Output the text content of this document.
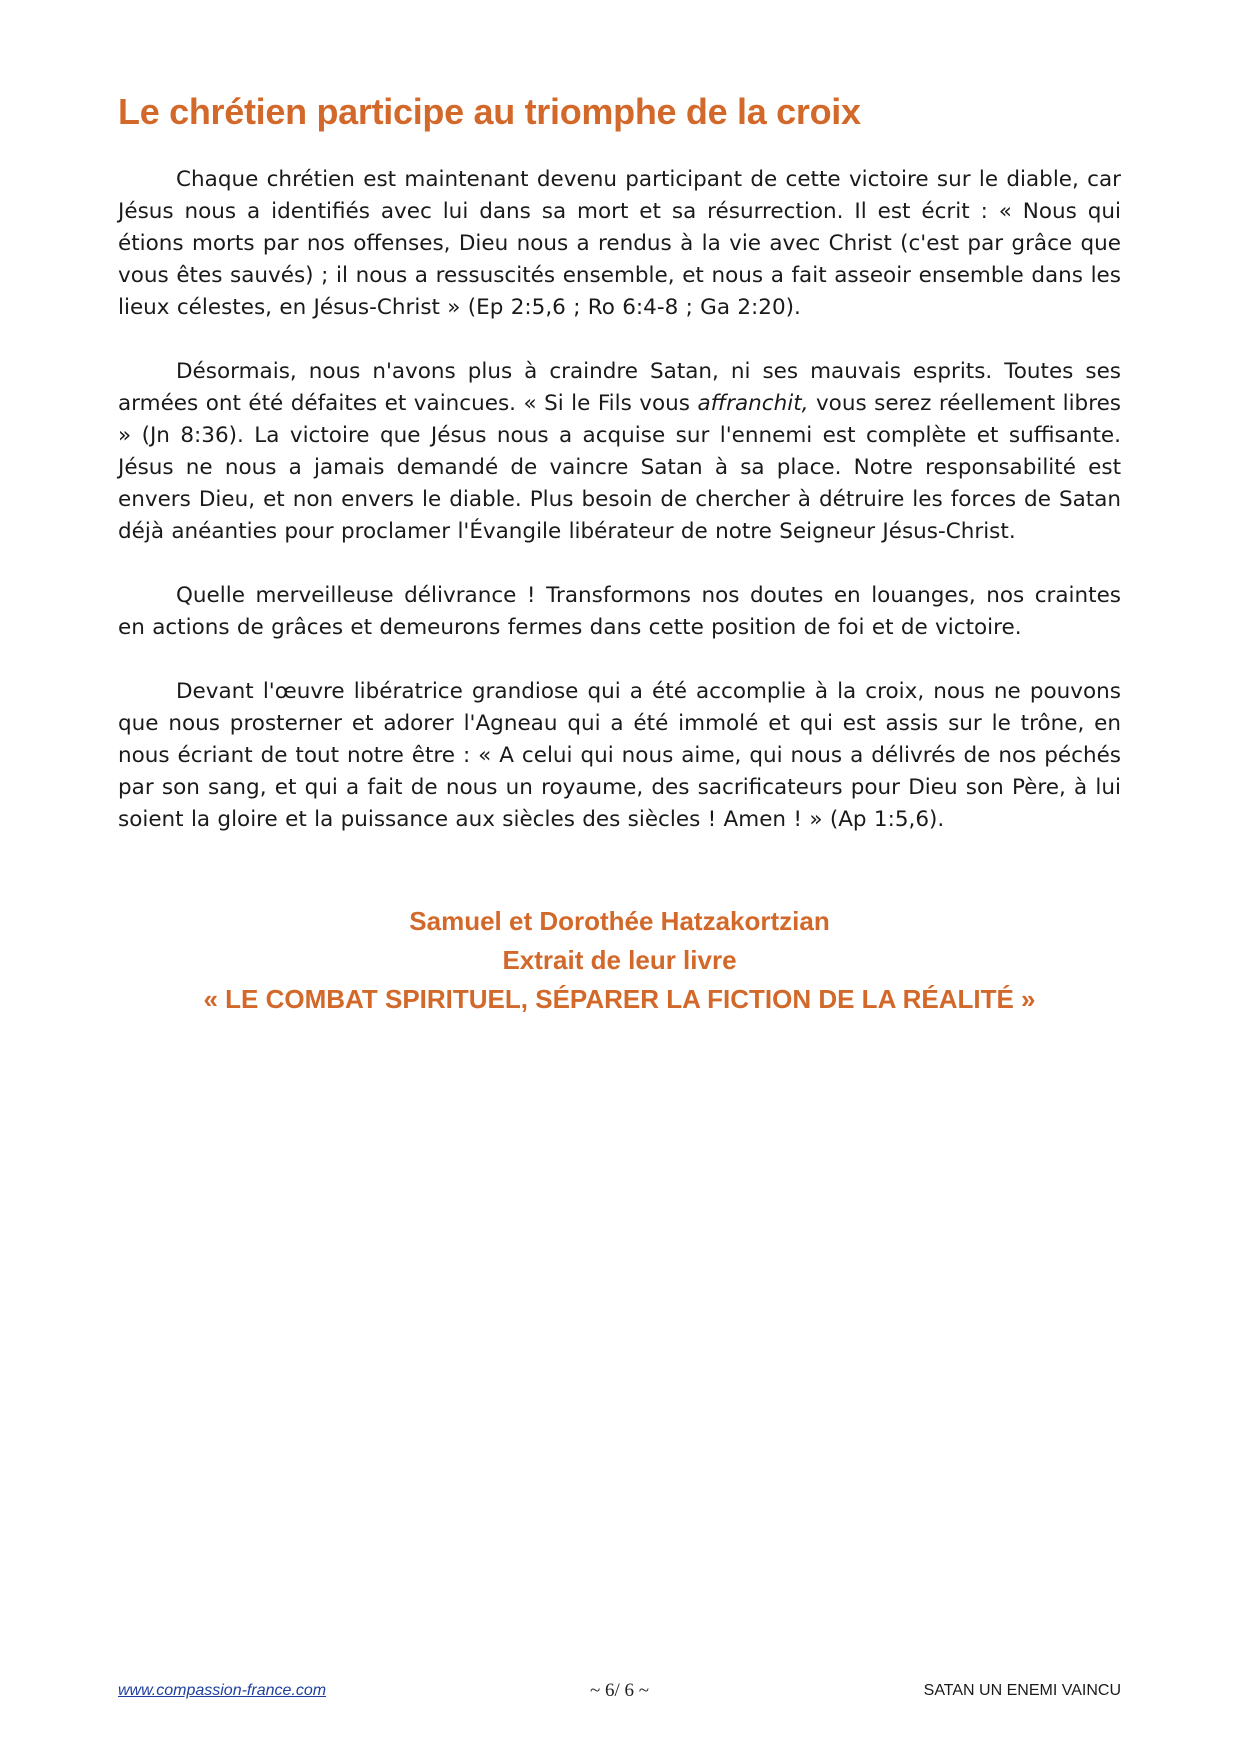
Le chrétien participe au triomphe de la croix

Chaque chrétien est maintenant devenu participant de cette victoire sur le diable, car Jésus nous a identifiés avec lui dans sa mort et sa résurrection. Il est écrit : « Nous qui étions morts par nos offenses, Dieu nous a rendus à la vie avec Christ (c'est par grâce que vous êtes sauvés) ; il nous a ressuscités ensemble, et nous a fait asseoir ensemble dans les lieux célestes, en Jésus-Christ » (Ep 2:5,6 ; Ro 6:4-8 ; Ga 2:20).

Désormais, nous n'avons plus à craindre Satan, ni ses mauvais esprits. Toutes ses armées ont été défaites et vaincues. « Si le Fils vous affranchit, vous serez réellement libres » (Jn 8:36). La victoire que Jésus nous a acquise sur l'ennemi est complète et suffisante. Jésus ne nous a jamais demandé de vaincre Satan à sa place. Notre responsabilité est envers Dieu, et non envers le diable. Plus besoin de chercher à détruire les forces de Satan déjà anéanties pour proclamer l'Évangile libérateur de notre Seigneur Jésus-Christ.

Quelle merveilleuse délivrance ! Transformons nos doutes en louanges, nos craintes en actions de grâces et demeurons fermes dans cette position de foi et de victoire.

Devant l'œuvre libératrice grandiose qui a été accomplie à la croix, nous ne pouvons que nous prosterner et adorer l'Agneau qui a été immolé et qui est assis sur le trône, en nous écriant de tout notre être : « A celui qui nous aime, qui nous a délivrés de nos péchés par son sang, et qui a fait de nous un royaume, des sacrificateurs pour Dieu son Père, à lui soient la gloire et la puissance aux siècles des siècles ! Amen ! » (Ap 1:5,6).

Samuel et Dorothée Hatzakortzian
Extrait de leur livre
« LE COMBAT SPIRITUEL, SÉPARER LA FICTION DE LA RÉALITÉ »
www.compassion-france.com	~ 6/ 6 ~	SATAN UN ENEMI VAINCU
